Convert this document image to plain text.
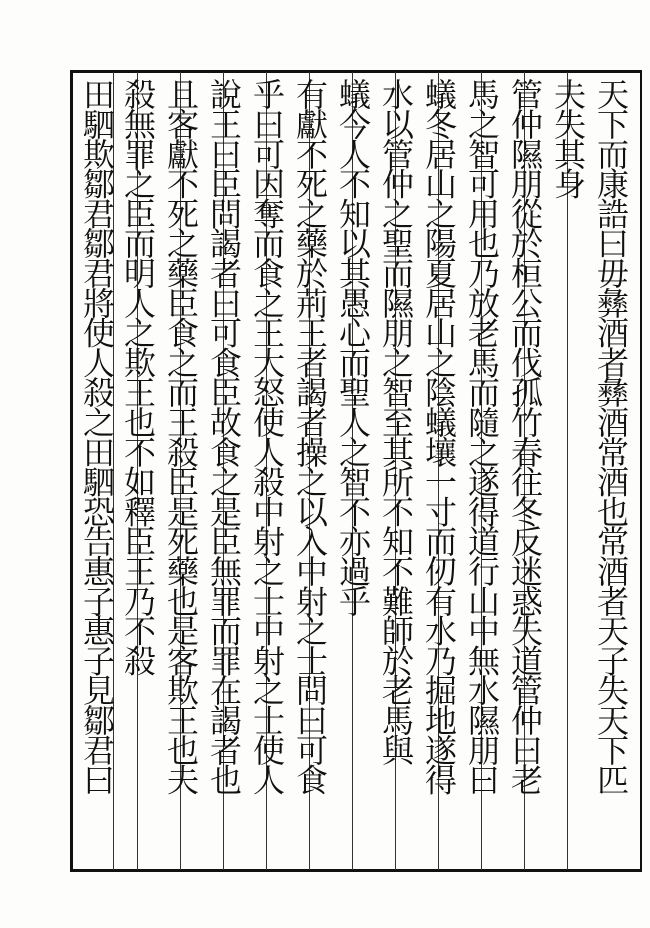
天下而康誥曰毋彝酒者彝酒常酒也常酒者天子失天下匹
夫失其身
管仲隰朋從於桓公而伐孤竹春往冬反迷惑失道管仲曰老
馬之智可用也乃放老馬而隨之遂得道行山中無水隰朋曰
蟻冬居山之陽夏居山之陰蟻壤一寸而仞有水乃掘地遂得
水以管仲之聖而隰朋之智至其所不知不難師於老馬與
蟻今人不知以其愚心而聖人之智不亦過乎
有獻不死之藥於荊王者謁者操之以入中射之士問曰可食
乎曰可因奪而食之王大怒使人殺中射之士中射之士使人
說王曰臣問謁者曰可食臣故食之是臣無罪而罪在謁者也
且客獻不死之藥臣食之而王殺臣是死藥也是客欺王也夫
殺無罪之臣而明人之欺王也不如釋臣王乃不殺
田駟欺鄒君鄒君將使人殺之田駟恐告惠子惠子見鄒君曰
